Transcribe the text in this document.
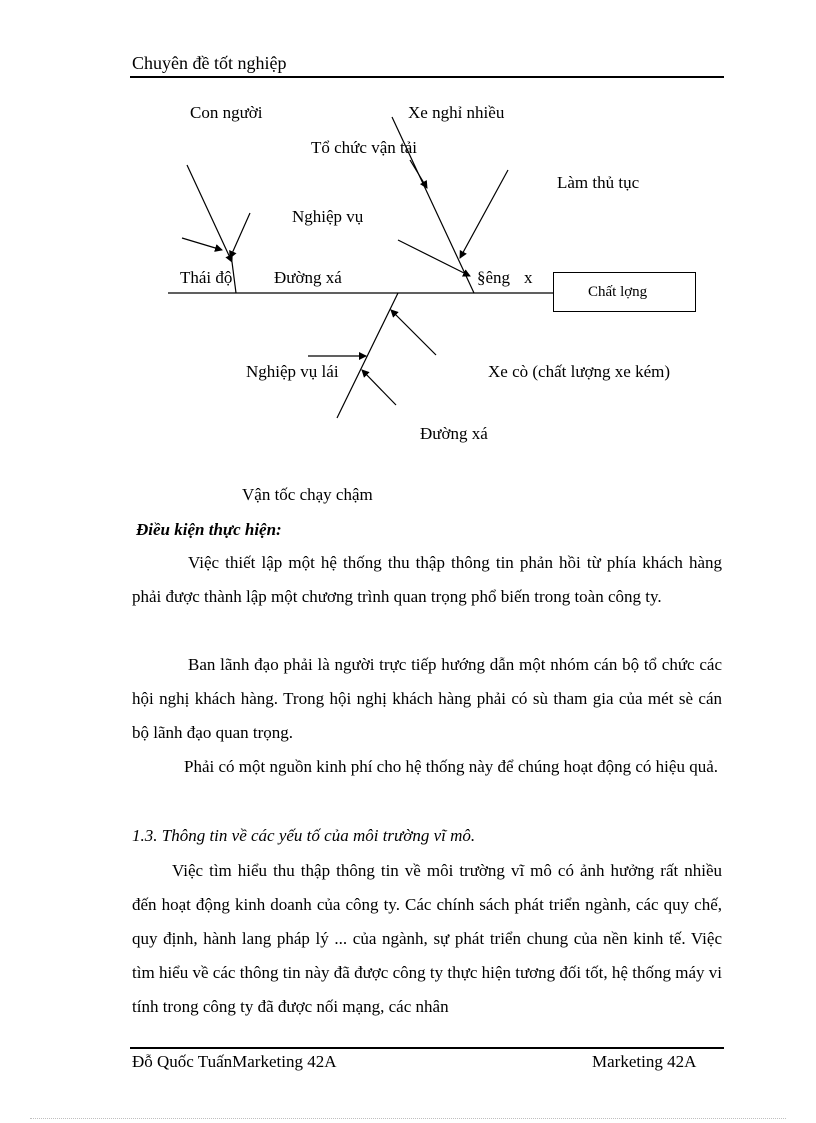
Chuyên đề tốt nghiệp
Con người	Xe nghỉ nhiều
Tổ chức vận tải
Làm thủ tục
Nghiệp vụ
Thái độ Đường xá	§êng x
Chất lợng
Nghiệp vụ lái	Xe cò (chất lượng xe kém)
Đường xá
Vận tốc chạy chậm
Điều kiện thực hiện:

Việc thiết lập một hệ thống thu thập thông tin phản hồi từ phía khách hàng phải được thành lập một chương trình quan trọng phổ biến trong toàn công ty.

Ban lãnh đạo phải là người trực tiếp hướng dẫn một nhóm cán bộ tổ chức các hội nghị khách hàng. Trong hội nghị khách hàng phải có sù tham gia của mét sè cán bộ lãnh đạo quan trọng.

Phải có một nguồn kinh phí cho hệ thống này để chúng hoạt động có hiệu quả.

1.3. Thông tin về các yếu tố của môi trường vĩ mô.

Việc tìm hiểu thu thập thông tin về môi trường vĩ mô có ảnh hưởng rất nhiều đến hoạt động kinh doanh của công ty. Các chính sách phát triển ngành, các quy chế, quy định, hành lang pháp lý ... của ngành, sự phát triển chung của nền kinh tế. Việc tìm hiểu về các thông tin này đã được công ty thực hiện tương đối tốt, hệ thống máy vi tính trong công ty đã được nối mạng, các nhân

Đỗ Quốc TuấnMarketing 42A	Marketing 42A
